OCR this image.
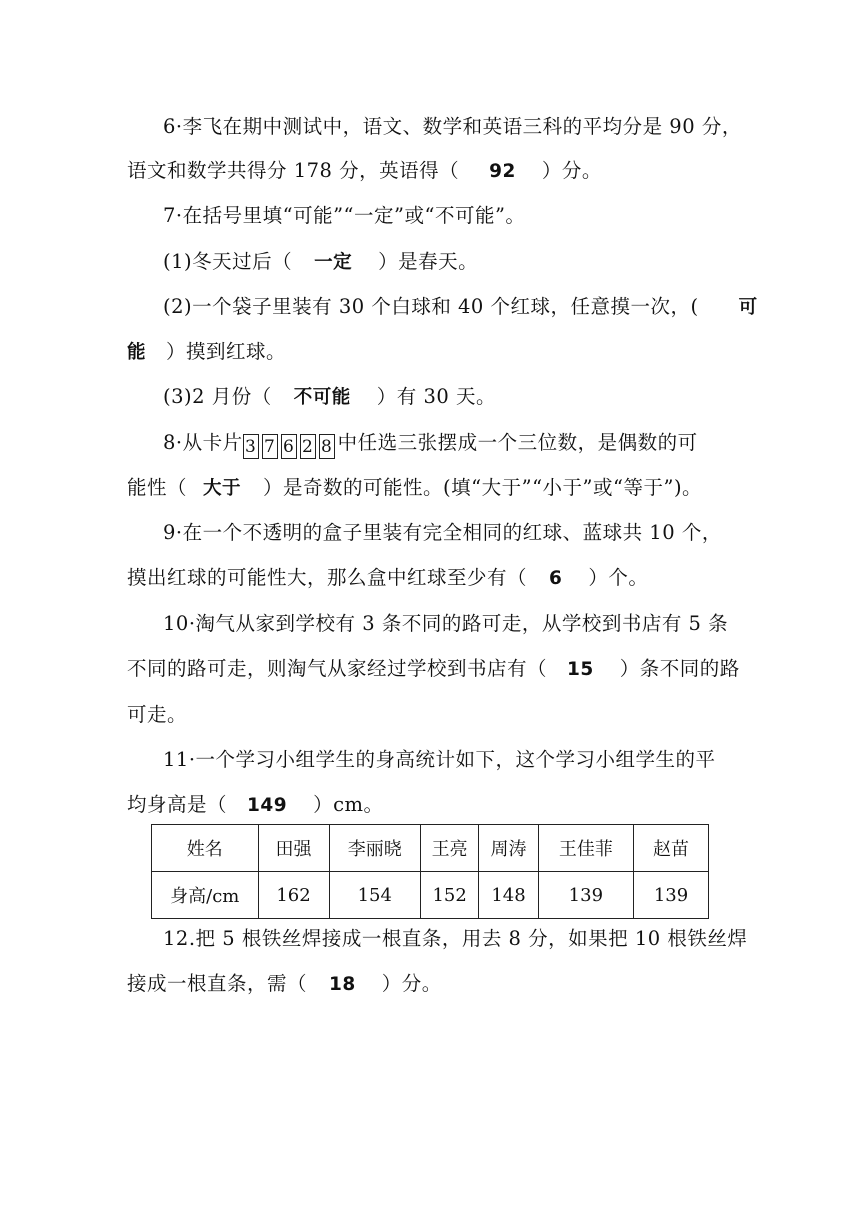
6·李飞在期中测试中，语文、数学和英语三科的平均分是 90 分，
语文和数学共得分 178 分，英语得（ 92 ）分。
7·在括号里填“可能”“一定”或“不可能”。
(1)冬天过后（ 一定 ）是春天。
(2)一个袋子里装有 30 个白球和 40 个红球，任意摸一次，( 可
能 ）摸到红球。
(3)2 月份（ 不可能 ）有 30 天。
8·从卡片 3 7 6 2 8 中任选三张摆成一个三位数，是偶数的可
能性（ 大于 ）是奇数的可能性。(填“大于”“小于”或“等于”)。
9·在一个不透明的盒子里装有完全相同的红球、蓝球共 10 个，
摸出红球的可能性大，那么盒中红球至少有（ 6 ）个。
10·淘气从家到学校有 3 条不同的路可走，从学校到书店有 5 条
不同的路可走，则淘气从家经过学校到书店有（ 15 ）条不同的路
可走。
11·一个学习小组学生的身高统计如下，这个学习小组学生的平
均身高是（ 149 ）cm。
姓名	田强	李丽晓	王亮	周涛	王佳菲	赵苗
身高/cm	162	154	152	148	139	139
12.把 5 根铁丝焊接成一根直条，用去 8 分，如果把 10 根铁丝焊
接成一根直条，需（ 18 ）分。
